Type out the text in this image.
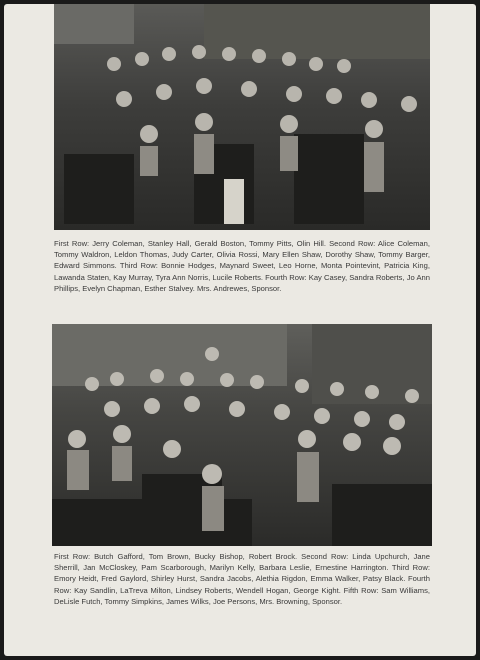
First Row: Jerry Coleman, Stanley Hall, Gerald Boston, Tommy Pitts, Olin Hill. Second Row: Alice Coleman, Tommy Waldron, Leldon Thomas, Judy Carter, Olivia Rossi, Mary Ellen Shaw, Dorothy Shaw, Tommy Barger, Edward Simmons. Third Row: Bonnie Hodges, Maynard Sweet, Leo Horne, Monta Pointevint, Patricia King, Lawanda Staten, Kay Murray, Tyra Ann Norris, Lucile Roberts. Fourth Row: Kay Casey, Sandra Roberts, Jo Ann Phillips, Evelyn Chapman, Esther Stalvey. Mrs. Andrewes, Sponsor.
First Row: Butch Gafford, Tom Brown, Bucky Bishop, Robert Brock. Second Row: Linda Upchurch, Jane Sherrill, Jan McCloskey, Pam Scarborough, Marilyn Kelly, Barbara Leslie, Ernestine Harrington. Third Row: Emory Heidt, Fred Gaylord, Shirley Hurst, Sandra Jacobs, Alethia Rigdon, Emma Walker, Patsy Black. Fourth Row: Kay Sandlin, LaTreva Milton, Lindsey Roberts, Wendell Hogan, George Kight. Fifth Row: Sam Williams, DeLisle Futch, Tommy Simpkins, James Wilks, Joe Persons, Mrs. Browning, Sponsor.
